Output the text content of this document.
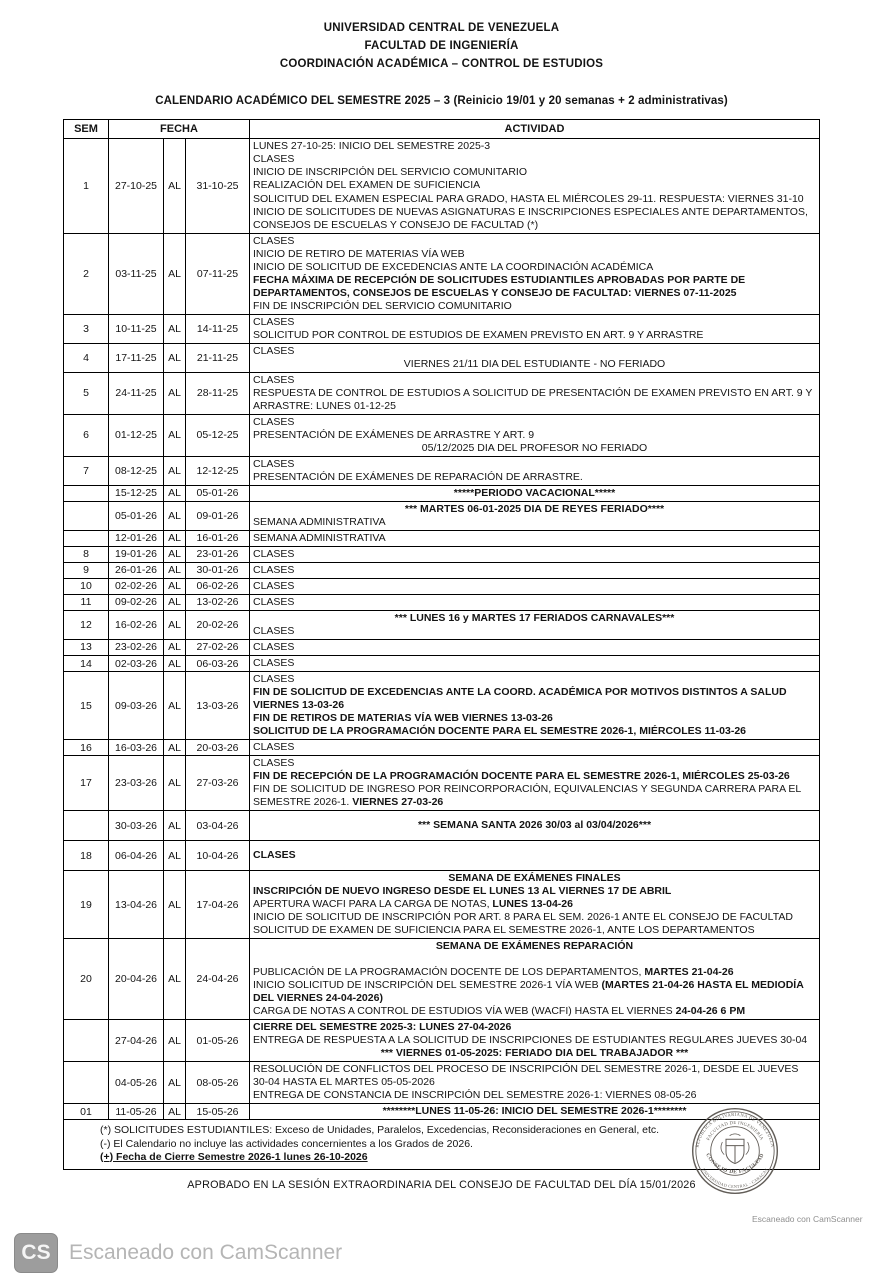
UNIVERSIDAD CENTRAL DE VENEZUELA
FACULTAD DE INGENIERÍA
COORDINACIÓN ACADÉMICA – CONTROL DE ESTUDIOS
CALENDARIO ACADÉMICO DEL SEMESTRE 2025 – 3 (Reinicio 19/01 y 20 semanas + 2 administrativas)
SEM	FECHA			ACTIVIDAD
1	27-10-25	AL	31-10-25	
LUNES 27-10-25: INICIO DEL SEMESTRE 2025-3
CLASES
INICIO DE INSCRIPCIÓN DEL SERVICIO COMUNITARIO
REALIZACIÓN DEL EXAMEN DE SUFICIENCIA
SOLICITUD DEL EXAMEN ESPECIAL PARA GRADO, HASTA EL MIÉRCOLES 29-11. RESPUESTA: VIERNES 31-10
INICIO DE SOLICITUDES DE NUEVAS ASIGNATURAS E INSCRIPCIONES ESPECIALES ANTE DEPARTAMENTOS, CONSEJOS DE ESCUELAS Y CONSEJO DE FACULTAD (*)

2	03-11-25	AL	07-11-25	CLASES
INICIO DE RETIRO DE MATERIAS VÍA WEB
INICIO DE SOLICITUD DE EXCEDENCIAS ANTE LA COORDINACIÓN ACADÉMICA
FECHA MÁXIMA DE RECEPCIÓN DE SOLICITUDES ESTUDIANTILES APROBADAS POR PARTE DE DEPARTAMENTOS, CONSEJOS DE ESCUELAS Y CONSEJO DE FACULTAD: VIERNES 07-11-2025
FIN DE INSCRIPCIÓN DEL SERVICIO COMUNITARIO

3	10-11-25	AL	14-11-25	CLASES
SOLICITUD POR CONTROL DE ESTUDIOS DE EXAMEN PREVISTO EN ART. 9 Y ARRASTRE

4	17-11-25	AL	21-11-25	CLASES
VIERNES 21/11 DIA DEL ESTUDIANTE - NO FERIADO

5	24-11-25	AL	28-11-25	CLASES
RESPUESTA DE CONTROL DE ESTUDIOS A SOLICITUD DE PRESENTACIÓN DE EXAMEN PREVISTO EN ART. 9 Y ARRASTRE: LUNES 01-12-25

6	01-12-25	AL	05-12-25	CLASES
PRESENTACIÓN DE EXÁMENES DE ARRASTRE Y ART. 9
05/12/2025 DIA DEL PROFESOR NO FERIADO

7	08-12-25	AL	12-12-25	CLASES
PRESENTACIÓN DE EXÁMENES DE REPARACIÓN DE ARRASTRE.

	15-12-25	AL	05-01-26	*****PERIODO VACACIONAL*****

	05-01-26	AL	09-01-26	*** MARTES 06-01-2025 DIA DE REYES FERIADO****
SEMANA ADMINISTRATIVA

	12-01-26	AL	16-01-26	SEMANA ADMINISTRATIVA

8	19-01-26	AL	23-01-26	CLASES

9	26-01-26	AL	30-01-26	CLASES

10	02-02-26	AL	06-02-26	CLASES

11	09-02-26	AL	13-02-26	CLASES

12	16-02-26	AL	20-02-26	*** LUNES 16 y MARTES 17 FERIADOS CARNAVALES***
CLASES

13	23-02-26	AL	27-02-26	CLASES

14	02-03-26	AL	06-03-26	CLASES

15	09-03-26	AL	13-03-26	CLASES
FIN DE SOLICITUD DE EXCEDENCIAS ANTE LA COORD. ACADÉMICA POR MOTIVOS DISTINTOS A SALUD
VIERNES 13-03-26
FIN DE RETIROS DE MATERIAS VÍA WEB VIERNES 13-03-26
SOLICITUD DE LA PROGRAMACIÓN DOCENTE PARA EL SEMESTRE 2026-1, MIÉRCOLES 11-03-26

16	16-03-26	AL	20-03-26	CLASES

17	23-03-26	AL	27-03-26	CLASES
FIN DE RECEPCIÓN DE LA PROGRAMACIÓN DOCENTE PARA EL SEMESTRE 2026-1, MIÉRCOLES 25-03-26
FIN DE SOLICITUD DE INGRESO POR REINCORPORACIÓN, EQUIVALENCIAS Y SEGUNDA CARRERA PARA EL SEMESTRE 2026-1. VIERNES 27-03-26

	30-03-26	AL	03-04-26	*** SEMANA SANTA 2026 30/03 al 03/04/2026***

18	06-04-26	AL	10-04-26	CLASES

19	13-04-26	AL	17-04-26	SEMANA DE EXÁMENES FINALES
INSCRIPCIÓN DE NUEVO INGRESO DESDE EL LUNES 13 AL VIERNES 17 DE ABRIL
APERTURA WACFI PARA LA CARGA DE NOTAS, LUNES 13-04-26
INICIO DE SOLICITUD DE INSCRIPCIÓN POR ART. 8 PARA EL SEM. 2026-1 ANTE EL CONSEJO DE FACULTAD
SOLICITUD DE EXAMEN DE SUFICIENCIA PARA EL SEMESTRE 2026-1, ANTE LOS DEPARTAMENTOS

20	20-04-26	AL	24-04-26	SEMANA DE EXÁMENES REPARACIÓN

PUBLICACIÓN DE LA PROGRAMACIÓN DOCENTE DE LOS DEPARTAMENTOS, MARTES 21-04-26
INICIO SOLICITUD DE INSCRIPCIÓN DEL SEMESTRE 2026-1 VÍA WEB (MARTES 21-04-26 HASTA EL MEDIODÍA DEL VIERNES 24-04-2026)
CARGA DE NOTAS A CONTROL DE ESTUDIOS VÍA WEB (WACFI) HASTA EL VIERNES 24-04-26 6 PM

	27-04-26	AL	01-05-26	CIERRE DEL SEMESTRE 2025-3: LUNES 27-04-2026
ENTREGA DE RESPUESTA A LA SOLICITUD DE INSCRIPCIONES DE ESTUDIANTES REGULARES JUEVES 30-04
*** VIERNES 01-05-2025: FERIADO DIA DEL TRABAJADOR ***

	04-05-26	AL	08-05-26	RESOLUCIÓN DE CONFLICTOS DEL PROCESO DE INSCRIPCIÓN DEL SEMESTRE 2026-1, DESDE EL JUEVES 30-04 HASTA EL MARTES 05-05-2026
ENTREGA DE CONSTANCIA DE INSCRIPCIÓN DEL SEMESTRE 2026-1: VIERNES 08-05-26

01	11-05-26	AL	15-05-26	********LUNES 11-05-26: INICIO DEL SEMESTRE 2026-1********
(*) SOLICITUDES ESTUDIANTILES: Exceso de Unidades, Paralelos, Excedencias, Reconsideraciones en General, etc.
(-) El Calendario no incluye las actividades concernientes a los Grados de 2026.
(+) Fecha de Cierre Semestre 2026-1 lunes 26-10-2026
APROBADO EN LA SESIÓN EXTRAORDINARIA DEL CONSEJO DE FACULTAD DEL DÍA 15/01/2026
REPÚBLICA BOLIVARIANA DE VENEZUELA
FACULTAD DE INGENIERÍA
CONSEJO DE FACULTAD
UNIVERSIDAD CENTRAL - CARACAS
Escaneado con CamScanner
CS Escaneado con CamScanner
